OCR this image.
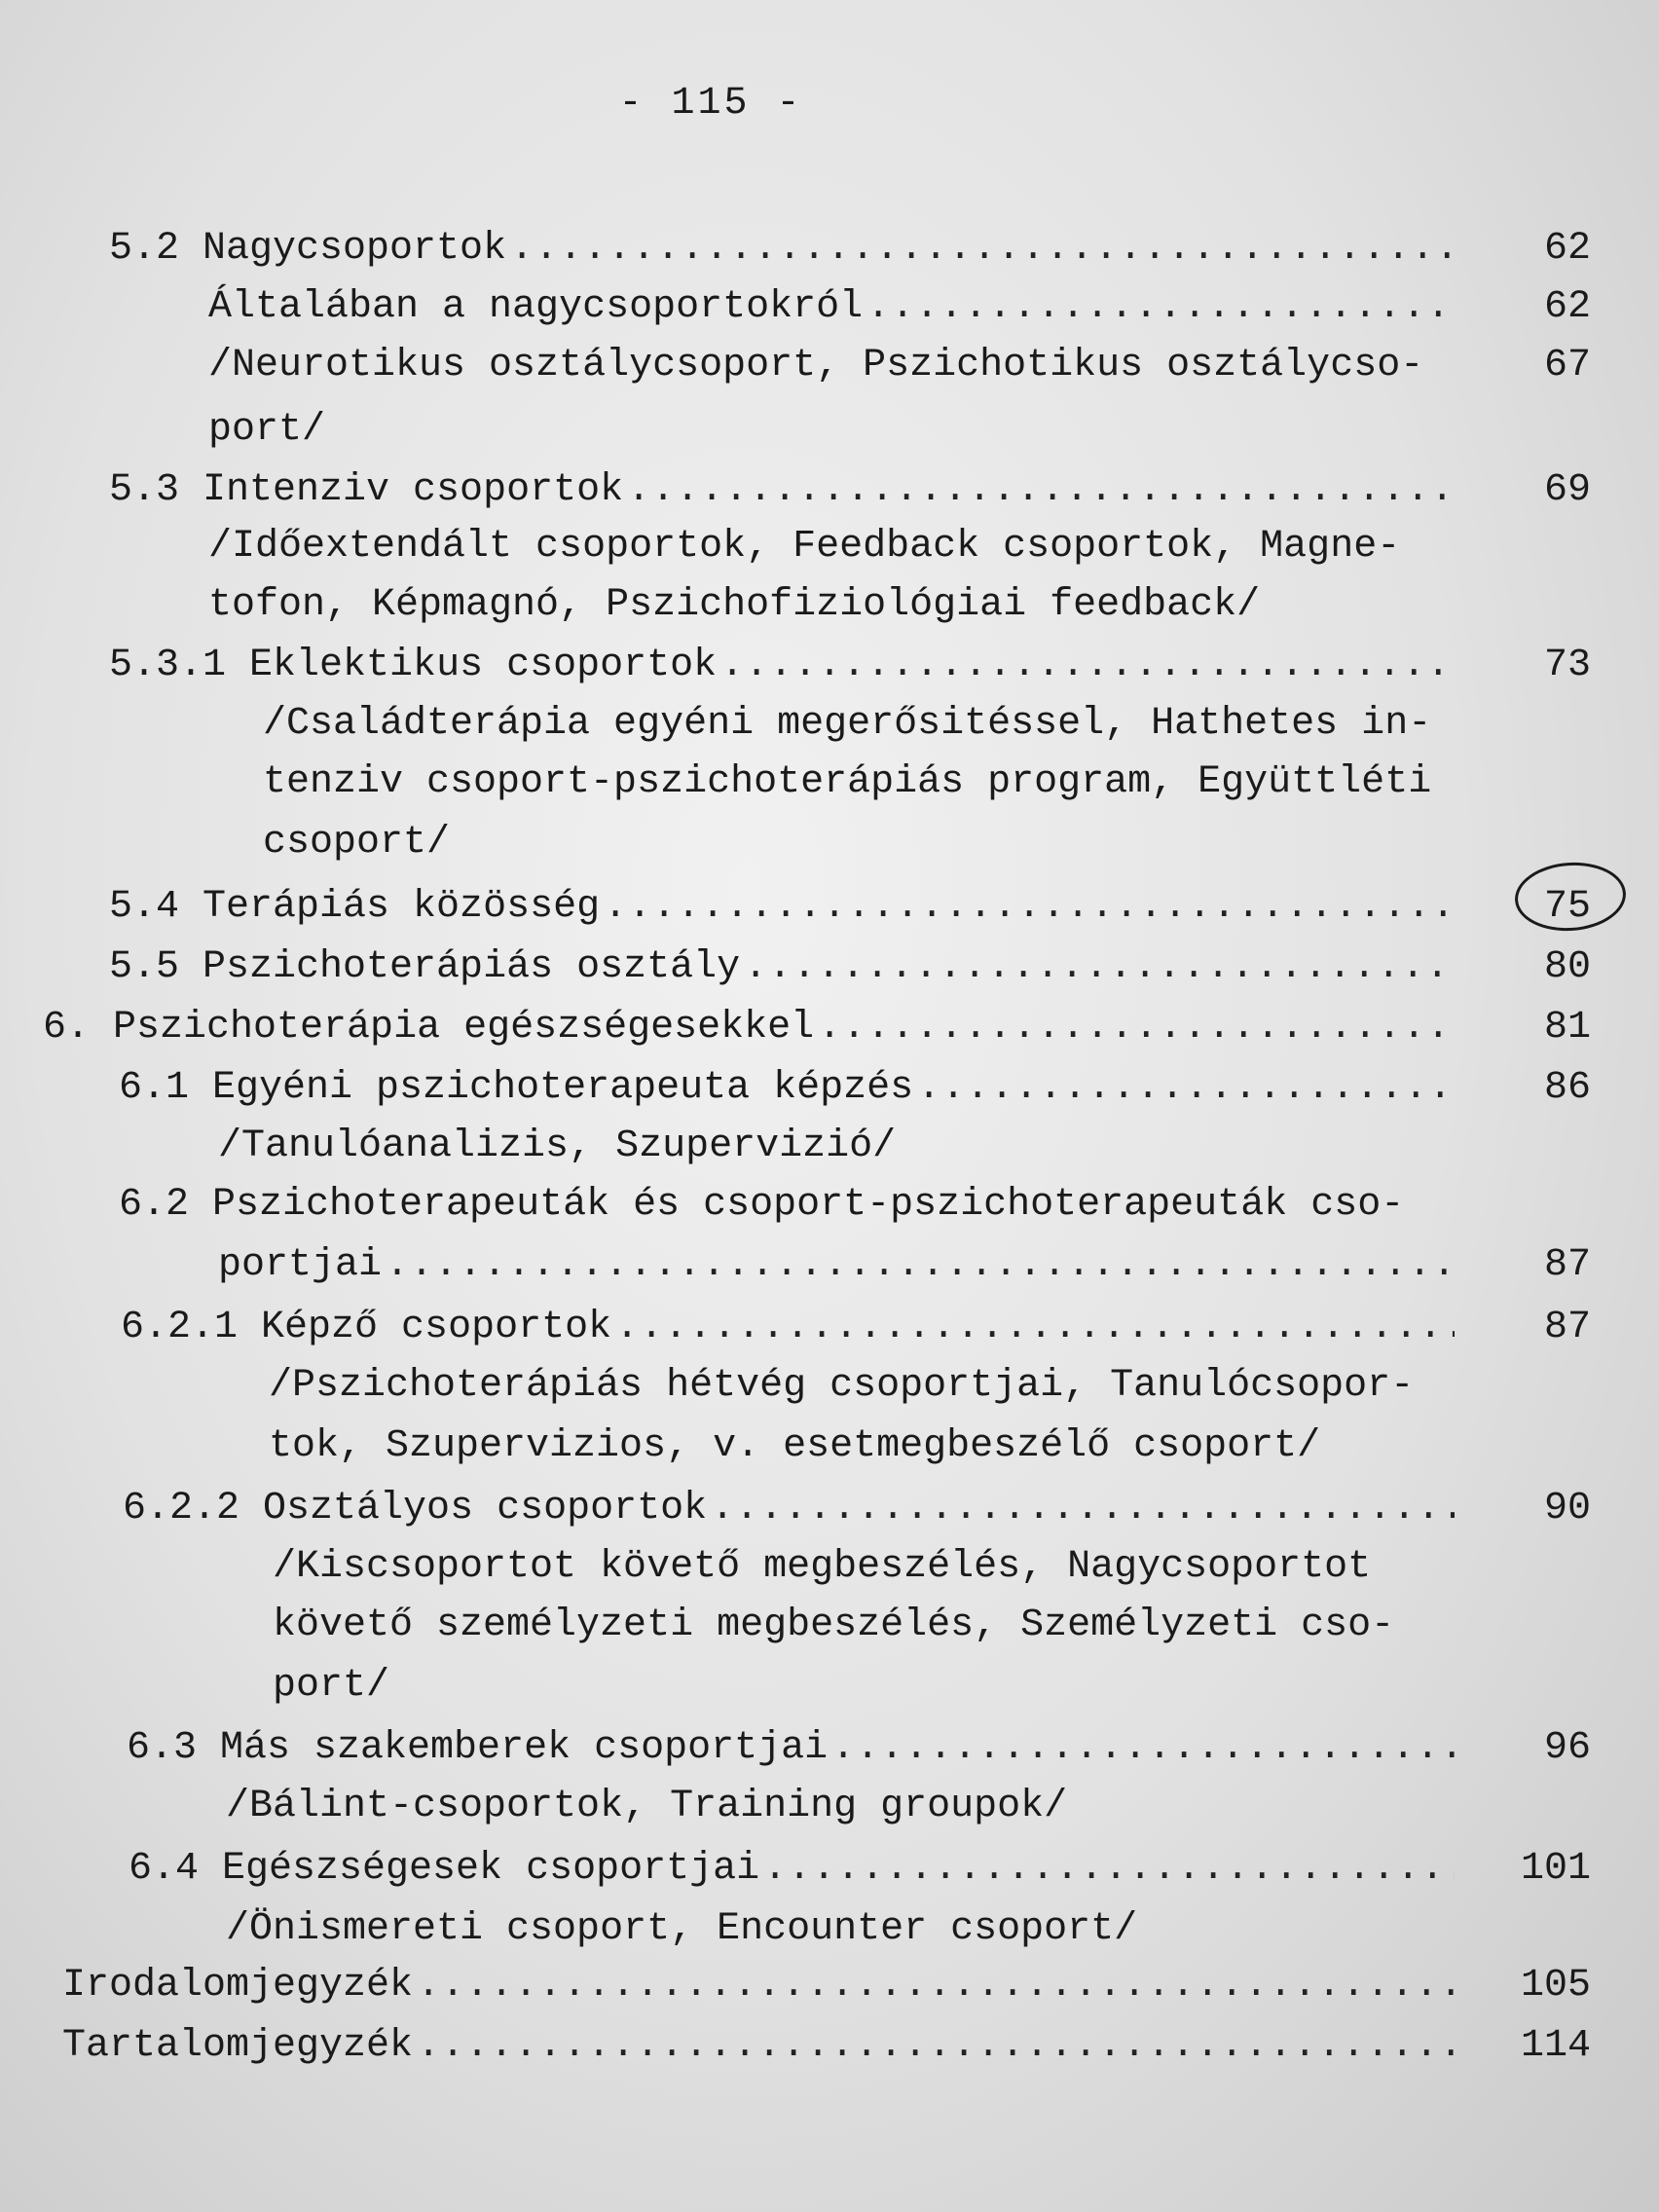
- 115 -
5.2 Nagycsoportok .....	62
Általában a nagycsoportokról .....	62
/Neurotikus osztálycsoport, Pszichotikus osztálycso-	67
port/
5.3 Intenziv csoportok .....	69
/Időextendált csoportok, Feedback csoportok, Magne-
tofon, Képmagnó, Pszichofiziológiai feedback/
5.3.1 Eklektikus csoportok .....	73
/Családterápia egyéni megerősitéssel, Hathetes in-
tenziv csoport-pszichoterápiás program, Együttléti
csoport/
5.4 Terápiás közösség .....	75
5.5 Pszichoterápiás osztály .....	80
6. Pszichoterápia egészségesekkel .....	81
6.1 Egyéni pszichoterapeuta képzés .....	86
/Tanulóanalizis, Szupervizió/
6.2 Pszichoterapeuták és csoport-pszichoterapeuták cso-
portjai .....	87
6.2.1 Képző csoportok .....	87
/Pszichoterápiás hétvég csoportjai, Tanulócsopor-
tok, Szupervizios, v. esetmegbeszélő csoport/
6.2.2 Osztályos csoportok .....	90
/Kiscsoportot követő megbeszélés, Nagycsoportot
követő személyzeti megbeszélés, Személyzeti cso-
port/
6.3 Más szakemberek csoportjai .....	96
/Bálint-csoportok, Training groupok/
6.4 Egészségesek csoportjai .....	101
/Önismereti csoport, Encounter csoport/
Irodalomjegyzék .....	105
Tartalomjegyzék .....	114
